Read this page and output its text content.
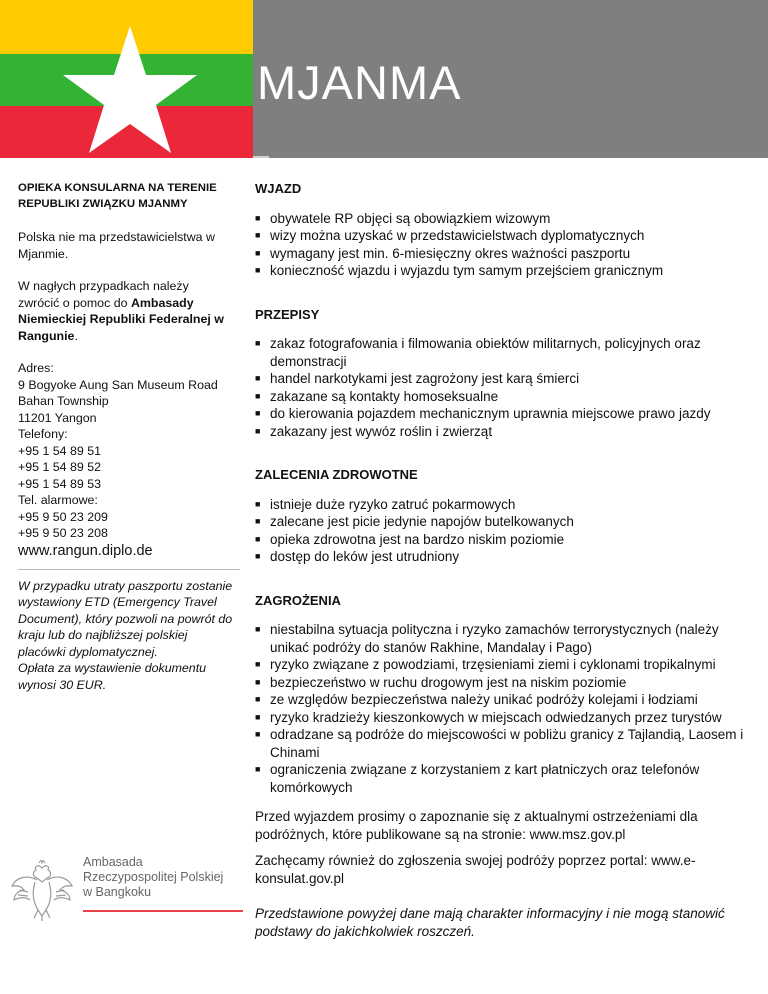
MJANMA

OPIEKA KONSULARNA NA TERENIE REPUBLIKI ZWIĄZKU MJANMY

Polska nie ma przedstawicielstwa w Mjanmie.

W nagłych przypadkach należy zwrócić o pomoc do Ambasady Niemieckiej Republiki Federalnej w Rangunie.

Adres:
9 Bogyoke Aung San Museum Road
Bahan Township
11201 Yangon
Telefony:
+95 1 54 89 51
+95 1 54 89 52
+95 1 54 89 53
Tel. alarmowe:
+95 9 50 23 209
+95 9 50 23 208

www.rangun.diplo.de

W przypadku utraty paszportu zostanie wystawiony ETD (Emergency Travel Document), który pozwoli na powrót do kraju lub do najbliższej polskiej placówki dyplomatycznej.

Opłata za wystawienie dokumentu wynosi 30 EUR.

WJAZD
■ obywatele RP objęci są obowiązkiem wizowym
■ wizy można uzyskać w przedstawicielstwach dyplomatycznych
■ wymagany jest min. 6-miesięczny okres ważności paszportu
■ konieczność wjazdu i wyjazdu tym samym przejściem granicznym
PRZEPISY
■ zakaz fotografowania i filmowania obiektów militarnych, policyjnych oraz demonstracji
■ handel narkotykami jest zagrożony jest karą śmierci
■ zakazane są kontakty homoseksualne
■ do kierowania pojazdem mechanicznym uprawnia miejscowe prawo jazdy
■ zakazany jest wywóz roślin i zwierząt
ZALECENIA ZDROWOTNE
■ istnieje duże ryzyko zatruć pokarmowych
■ zalecane jest picie jedynie napojów butelkowanych
■ opieka zdrowotna jest na bardzo niskim poziomie
■ dostęp do leków jest utrudniony
ZAGROŻENIA
■ niestabilna sytuacja polityczna i ryzyko zamachów terrorystycznych (należy unikać podróży do stanów Rakhine, Mandalay i Pago)
■ ryzyko związane z powodziami, trzęsieniami ziemi i cyklonami tropikalnymi
■ bezpieczeństwo w ruchu drogowym jest na niskim poziomie
■ ze względów bezpieczeństwa należy unikać podróży kolejami i łodziami
■ ryzyko kradzieży kieszonkowych w miejscach odwiedzanych przez turystów
■ odradzane są podróże do miejscowości w pobliżu granicy z Tajlandią, Laosem i Chinami
■ ograniczenia związane z korzystaniem z kart płatniczych oraz telefonów komórkowych

Przed wyjazdem prosimy o zapoznanie się z aktualnymi ostrzeżeniami dla podróżnych, które publikowane są na stronie: www.msz.gov.pl

Zachęcamy również do zgłoszenia swojej podróży poprzez portal: www.e-konsulat.gov.pl

Przedstawione powyżej dane mają charakter informacyjny i nie mogą stanowić podstawy do jakichkolwiek roszczeń.

Ambasada
Rzeczypospolitej Polskiej
w Bangkoku
